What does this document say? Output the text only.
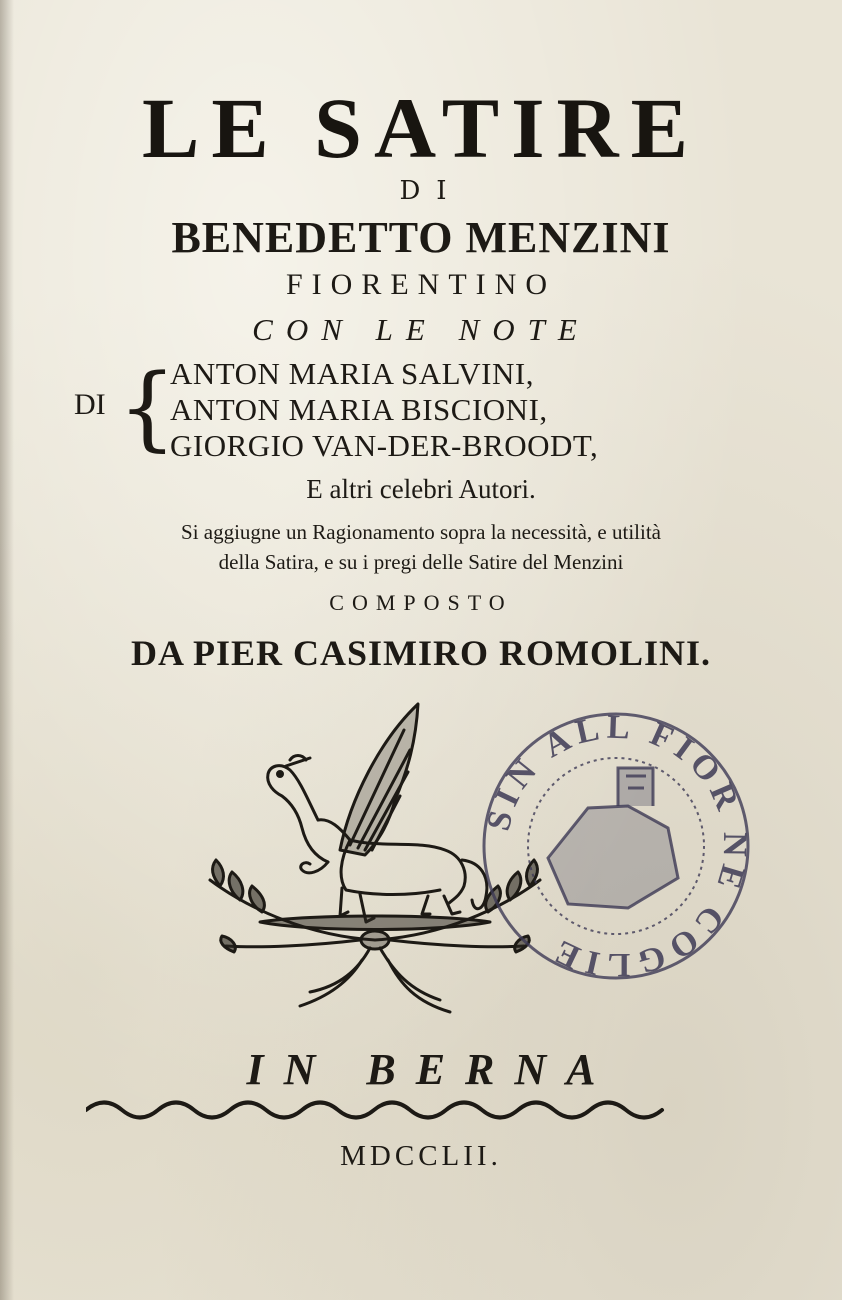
LE SATIRE
DI
BENEDETTO MENZINI
FIORENTINO
CON LE NOTE
DI {
ANTON MARIA SALVINI,
ANTON MARIA BISCIONI,
GIORGIO VAN-DER-BROODT,
E altri celebri Autori.
Si aggiugne un Ragionamento sopra la necessità, e utilità
della Satira, e su i pregi delle Satire del Menzini
COMPOSTO
DA PIER CASIMIRO ROMOLINI.
SIN ALL FIOR NE COGLIE
IN BERNA
MDCCLII.
